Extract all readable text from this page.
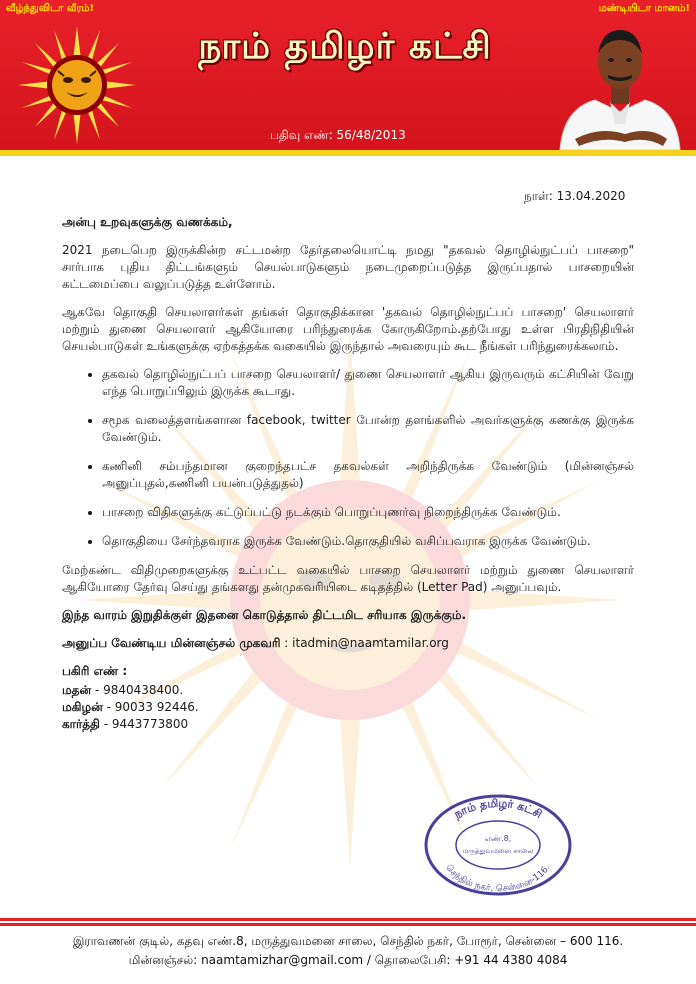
வீழ்ந்துவிடா வீரம்!	மண்டியிடா மானம்!
நாம் தமிழர் கட்சி
பதிவு எண்: 56/48/2013
நாள்: 13.04.2020

அன்பு உறவுகளுக்கு வணக்கம்,

2021 நடைபெற இருக்கின்ற சட்டமன்ற தேர்தலையொட்டி நமது "தகவல் தொழில்நுட்பப் பாசறை" சார்பாக புதிய திட்டங்களும் செயல்பாடுகளும் நடைமுறைப்படுத்த இருப்பதால் பாசறையின் கட்டமைப்பை வலுப்படுத்த உள்ளோம்.

ஆகவே தொகுதி செயலாளர்கள் தங்கள் தொகுதிக்கான 'தகவல் தொழில்நுட்பப் பாசறை' செயலாளர் மற்றும் துணை செயலாளர் ஆகியோரை பரிந்துரைக்க கோருகிறோம்.தற்போது உள்ள பிரதிநிதியின் செயல்பாடுகள் உங்களுக்கு ஏற்கத்தக்க வகையில் இருந்தால் அவரையும் கூட நீங்கள் பரிந்துரைக்கலாம்.

• தகவல் தொழில்நுட்பப் பாசறை செயலாளர்/ துணை செயலாளர் ஆகிய இருவரும் கட்சியின் வேறு எந்த பொறுப்பிலும் இருக்க கூடாது.
• சமூக வலைத்தளங்களான facebook, twitter போன்ற தளங்களில் அவர்களுக்கு கணக்கு இருக்க வேண்டும்.
• கணினி சம்பந்தமான குறைந்தபட்ச தகவல்கள் அறிந்திருக்க வேண்டும் (மின்னஞ்சல் அனுப்புதல்,கணினி பயன்படுத்துதல்)
• பாசறை விதிகளுக்கு கட்டுப்பட்டு நடக்கும் பொறுப்புணர்வு நிறைந்திருக்க வேண்டும்.
• தொகுதியை சேர்ந்தவராக இருக்க வேண்டும்.தொகுதியில் வசிப்பவராக இருக்க வேண்டும்.

மேற்கண்ட விதிமுறைகளுக்கு உட்பட்ட வகையில் பாசறை செயலாளர் மற்றும் துணை செயலாளர் ஆகியோரை தேர்வு செய்து தங்களது தன்முகவரியிடை கடிதத்தில் (Letter Pad) அனுப்பவும்.

இந்த வாரம் இறுதிக்குள் இதனை கொடுத்தால் திட்டமிட சரியாக இருக்கும்.

அனுப்ப வேண்டிய மின்னஞ்சல் முகவரி : itadmin@naamtamilar.org

பகிரி எண் :
மதன் - 9840438400.
மகிழன் - 90033 92446.
கார்த்தி - 9443773800
நாம் தமிழர் கட்சி
எண்.8,
மருத்துவமனை சாலை
செந்தில் நகர், சென்னை-116.
இராவணன் குடில், கதவு எண்.8, மருத்துவமனை சாலை, செந்தில் நகர், போரூர், சென்னை – 600 116.
மின்னஞ்சல்: naamtamizhar@gmail.com / தொலைபேசி: +91 44 4380 4084
